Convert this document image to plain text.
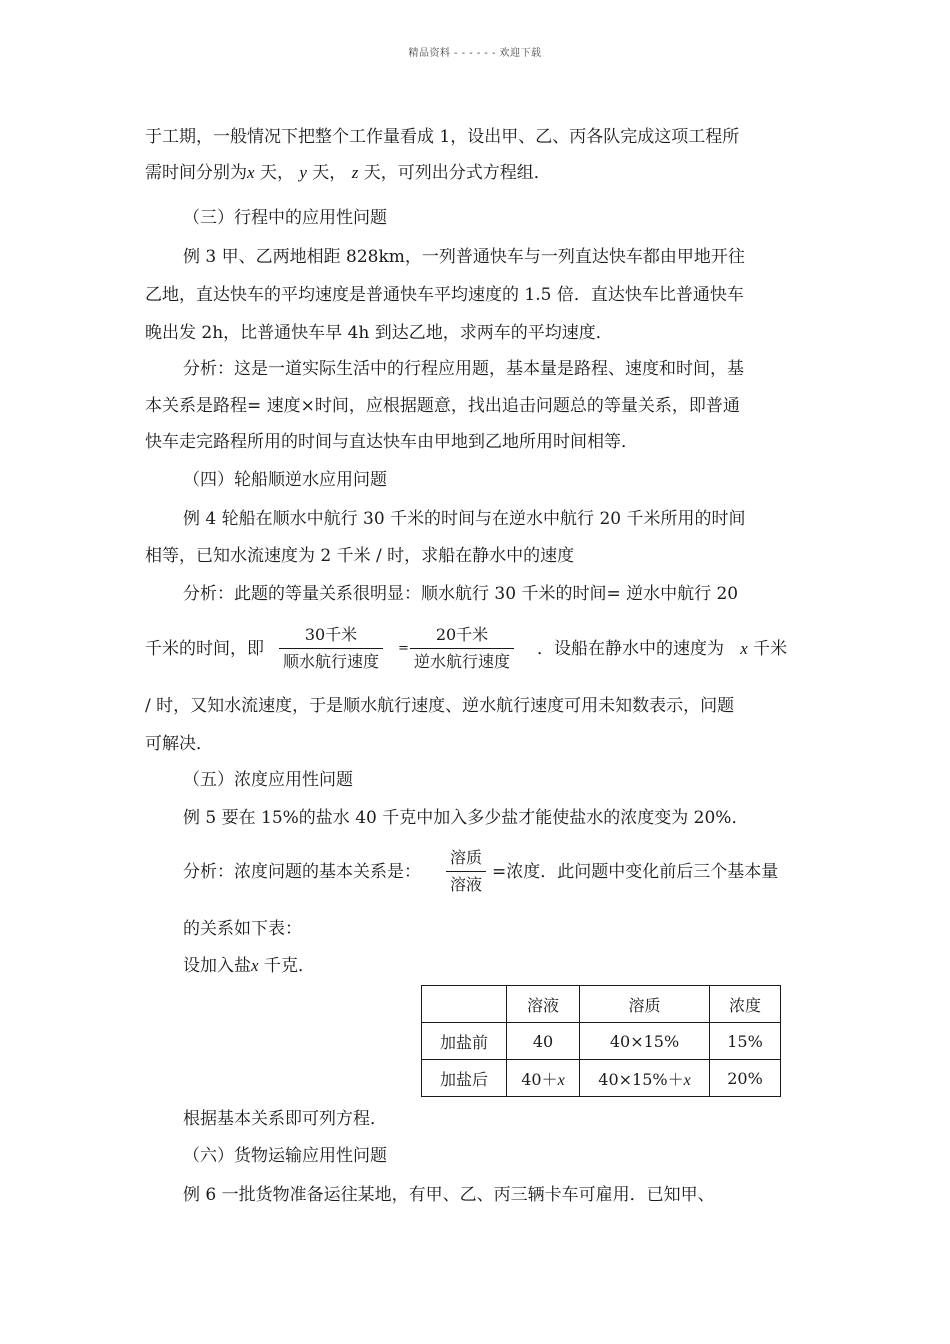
精品资料 - - - - - - 欢迎下载
于工期，一般情况下把整个工作量看成 1，设出甲、乙、丙各队完成这项工程所
需时间分别为x 天， y 天， z 天，可列出分式方程组．
（三）行程中的应用性问题
例 3 甲、乙两地相距 828km，一列普通快车与一列直达快车都由甲地开往
乙地，直达快车的平均速度是普通快车平均速度的 1.5 倍．直达快车比普通快车
晚出发 2h，比普通快车早 4h 到达乙地，求两车的平均速度．
分析：这是一道实际生活中的行程应用题，基本量是路程、速度和时间，基
本关系是路程= 速度×时间，应根据题意，找出追击问题总的等量关系，即普通
快车走完路程所用的时间与直达快车由甲地到乙地所用时间相等．
（四）轮船顺逆水应用问题
例 4 轮船在顺水中航行 30 千米的时间与在逆水中航行 20 千米所用的时间
相等，已知水流速度为 2 千米 / 时，求船在静水中的速度
分析：此题的等量关系很明显：顺水航行 30 千米的时间= 逆水中航行 20
千米的时间，即
30千米
顺水航行速度
=
20千米
逆水航行速度
．设船在静水中的速度为 x 千米
/ 时，又知水流速度，于是顺水航行速度、逆水航行速度可用未知数表示，问题
可解决．
（五）浓度应用性问题
例 5 要在 15%的盐水 40 千克中加入多少盐才能使盐水的浓度变为 20%．
分析：浓度问题的基本关系是：
溶质
溶液
=浓度．此问题中变化前后三个基本量
的关系如下表：
设加入盐x 千克．
	溶液	溶质	浓度
加盐前	40	40×15%	15%
加盐后	40＋x	40×15%＋x	20%
根据基本关系即可列方程．
（六）货物运输应用性问题
例 6 一批货物准备运往某地，有甲、乙、丙三辆卡车可雇用．已知甲、
